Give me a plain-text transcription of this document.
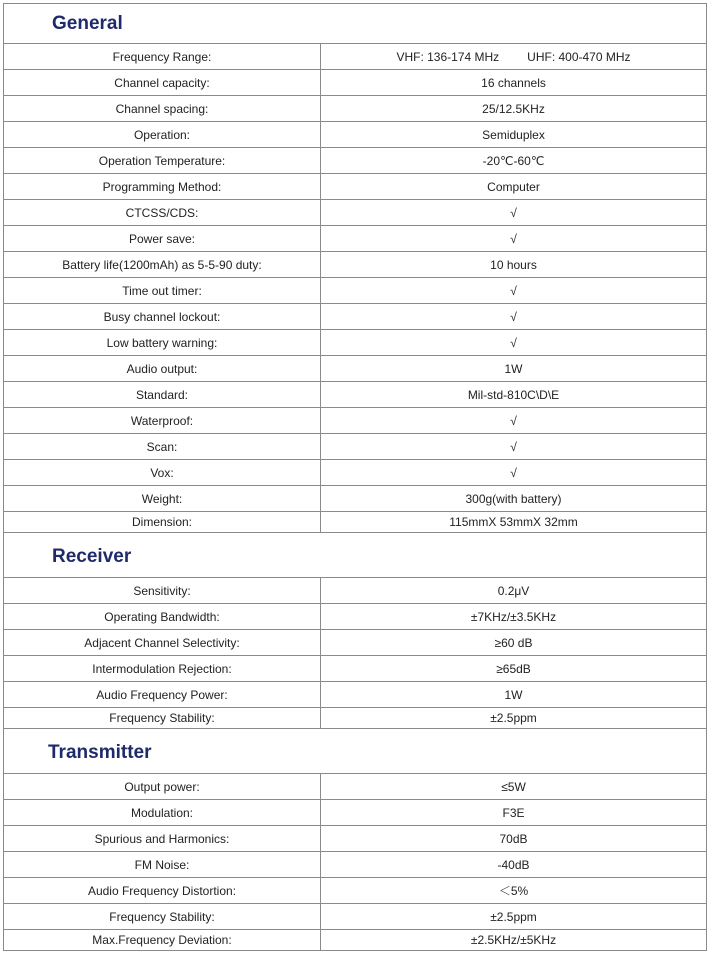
General
Frequency Range:	VHF: 136-174 MHz UHF: 400-470 MHz
Channel capacity:	16 channels
Channel spacing:	25/12.5KHz
Operation:	Semiduplex
Operation Temperature:	-20℃-60℃
Programming Method:	Computer
CTCSS/CDS:	√
Power save:	√
Battery life(1200mAh) as 5-5-90 duty:	10 hours
Time out timer:	√
Busy channel lockout:	√
Low battery warning:	√
Audio output:	1W
Standard:	Mil-std-810C\D\E
Waterproof:	√
Scan:	√
Vox:	√
Weight:	300g(with battery)
Dimension:	115mmX 53mmX 32mm
Receiver
Sensitivity:	0.2μV
Operating Bandwidth:	±7KHz/±3.5KHz
Adjacent Channel Selectivity:	≥60 dB
Intermodulation Rejection:	≥65dB
Audio Frequency Power:	1W
Frequency Stability:	±2.5ppm
Transmitter
Output power:	≤5W
Modulation:	F3E
Spurious and Harmonics:	70dB
FM Noise:	-40dB
Audio Frequency Distortion:	＜5%
Frequency Stability:	±2.5ppm
Max.Frequency Deviation:	±2.5KHz/±5KHz
